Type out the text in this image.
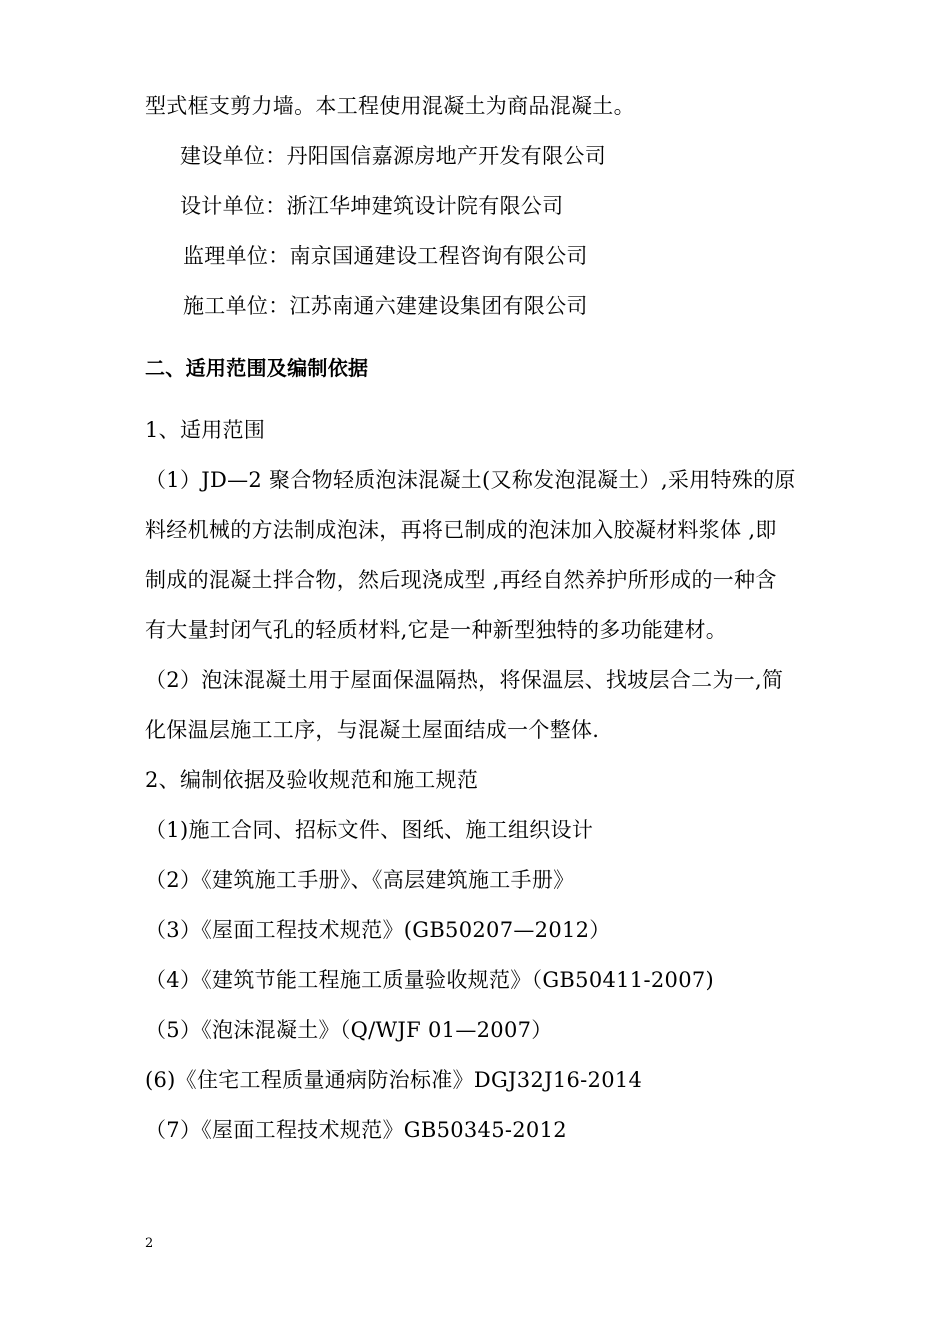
型式框支剪力墙。本工程使用混凝土为商品混凝土。
建设单位：丹阳国信嘉源房地产开发有限公司
设计单位：浙江华坤建筑设计院有限公司
监理单位：南京国通建设工程咨询有限公司
施工单位：江苏南通六建建设集团有限公司
二、适用范围及编制依据
1、适用范围
（1）JD—2 聚合物轻质泡沫混凝土(又称发泡混凝土）,采用特殊的原
料经机械的方法制成泡沫，再将已制成的泡沫加入胶凝材料浆体 ,即
制成的混凝土拌合物，然后现浇成型 ,再经自然养护所形成的一种含
有大量封闭气孔的轻质材料,它是一种新型独特的多功能建材。
（2）泡沫混凝土用于屋面保温隔热，将保温层、找坡层合二为一,简
化保温层施工工序，与混凝土屋面结成一个整体.
2、编制依据及验收规范和施工规范
（1)施工合同、招标文件、图纸、施工组织设计
（2）《建筑施工手册》、《高层建筑施工手册》
（3）《屋面工程技术规范》(GB50207—2012）
（4）《建筑节能工程施工质量验收规范》（GB50411-2007)
（5）《泡沫混凝土》（Q/WJF 01—2007）
(6)《住宅工程质量通病防治标准》DGJ32J16-2014
（7）《屋面工程技术规范》GB50345-2012
2
